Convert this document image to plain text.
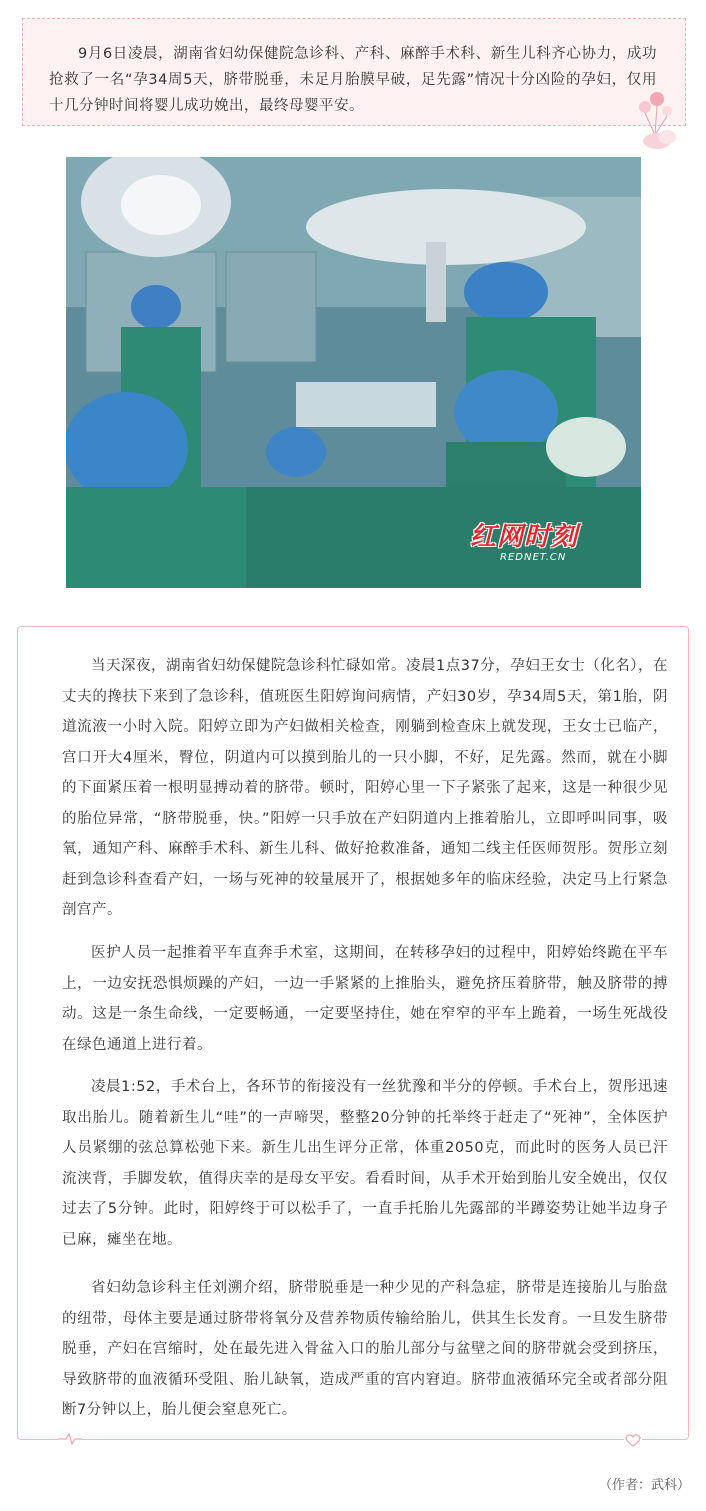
9月6日凌晨，湖南省妇幼保健院急诊科、产科、麻醉手术科、新生儿科齐心协力，成功抢救了一名“孕34周5天，脐带脱垂，未足月胎膜早破，足先露”情况十分凶险的孕妇，仅用十几分钟时间将婴儿成功娩出，最终母婴平安。

红网时刻
REDNET.CN

当天深夜，湖南省妇幼保健院急诊科忙碌如常。凌晨1点37分，孕妇王女士（化名），在丈夫的搀扶下来到了急诊科，值班医生阳婷询问病情，产妇30岁，孕34周5天，第1胎，阴道流液一小时入院。阳婷立即为产妇做相关检查，刚躺到检查床上就发现，王女士已临产，宫口开大4厘米，臀位，阴道内可以摸到胎儿的一只小脚，不好，足先露。然而，就在小脚的下面紧压着一根明显搏动着的脐带。顿时，阳婷心里一下子紧张了起来，这是一种很少见的胎位异常，“脐带脱垂，快。”阳婷一只手放在产妇阴道内上推着胎儿，立即呼叫同事，吸氧，通知产科、麻醉手术科、新生儿科、做好抢救准备，通知二线主任医师贺彤。贺彤立刻赶到急诊科查看产妇，一场与死神的较量展开了，根据她多年的临床经验，决定马上行紧急剖宫产。

医护人员一起推着平车直奔手术室，这期间，在转移孕妇的过程中，阳婷始终跪在平车上，一边安抚恐惧烦躁的产妇，一边一手紧紧的上推胎头，避免挤压着脐带，触及脐带的搏动。这是一条生命线，一定要畅通，一定要坚持住，她在窄窄的平车上跪着，一场生死战役在绿色通道上进行着。

凌晨1:52，手术台上，各环节的衔接没有一丝犹豫和半分的停顿。手术台上，贺彤迅速取出胎儿。随着新生儿“哇”的一声啼哭，整整20分钟的托举终于赶走了“死神”，全体医护人员紧绷的弦总算松弛下来。新生儿出生评分正常，体重2050克，而此时的医务人员已汗流浃背，手脚发软，值得庆幸的是母女平安。看看时间，从手术开始到胎儿安全娩出，仅仅过去了5分钟。此时，阳婷终于可以松手了，一直手托胎儿先露部的半蹲姿势让她半边身子已麻，瘫坐在地。

省妇幼急诊科主任刘溯介绍，脐带脱垂是一种少见的产科急症，脐带是连接胎儿与胎盘的纽带，母体主要是通过脐带将氧分及营养物质传输给胎儿，供其生长发育。一旦发生脐带脱垂，产妇在宫缩时，处在最先进入骨盆入口的胎儿部分与盆壁之间的脐带就会受到挤压，导致脐带的血液循环受阻、胎儿缺氧，造成严重的宫内窘迫。脐带血液循环完全或者部分阻断7分钟以上，胎儿便会窒息死亡。

（作者：武科）
